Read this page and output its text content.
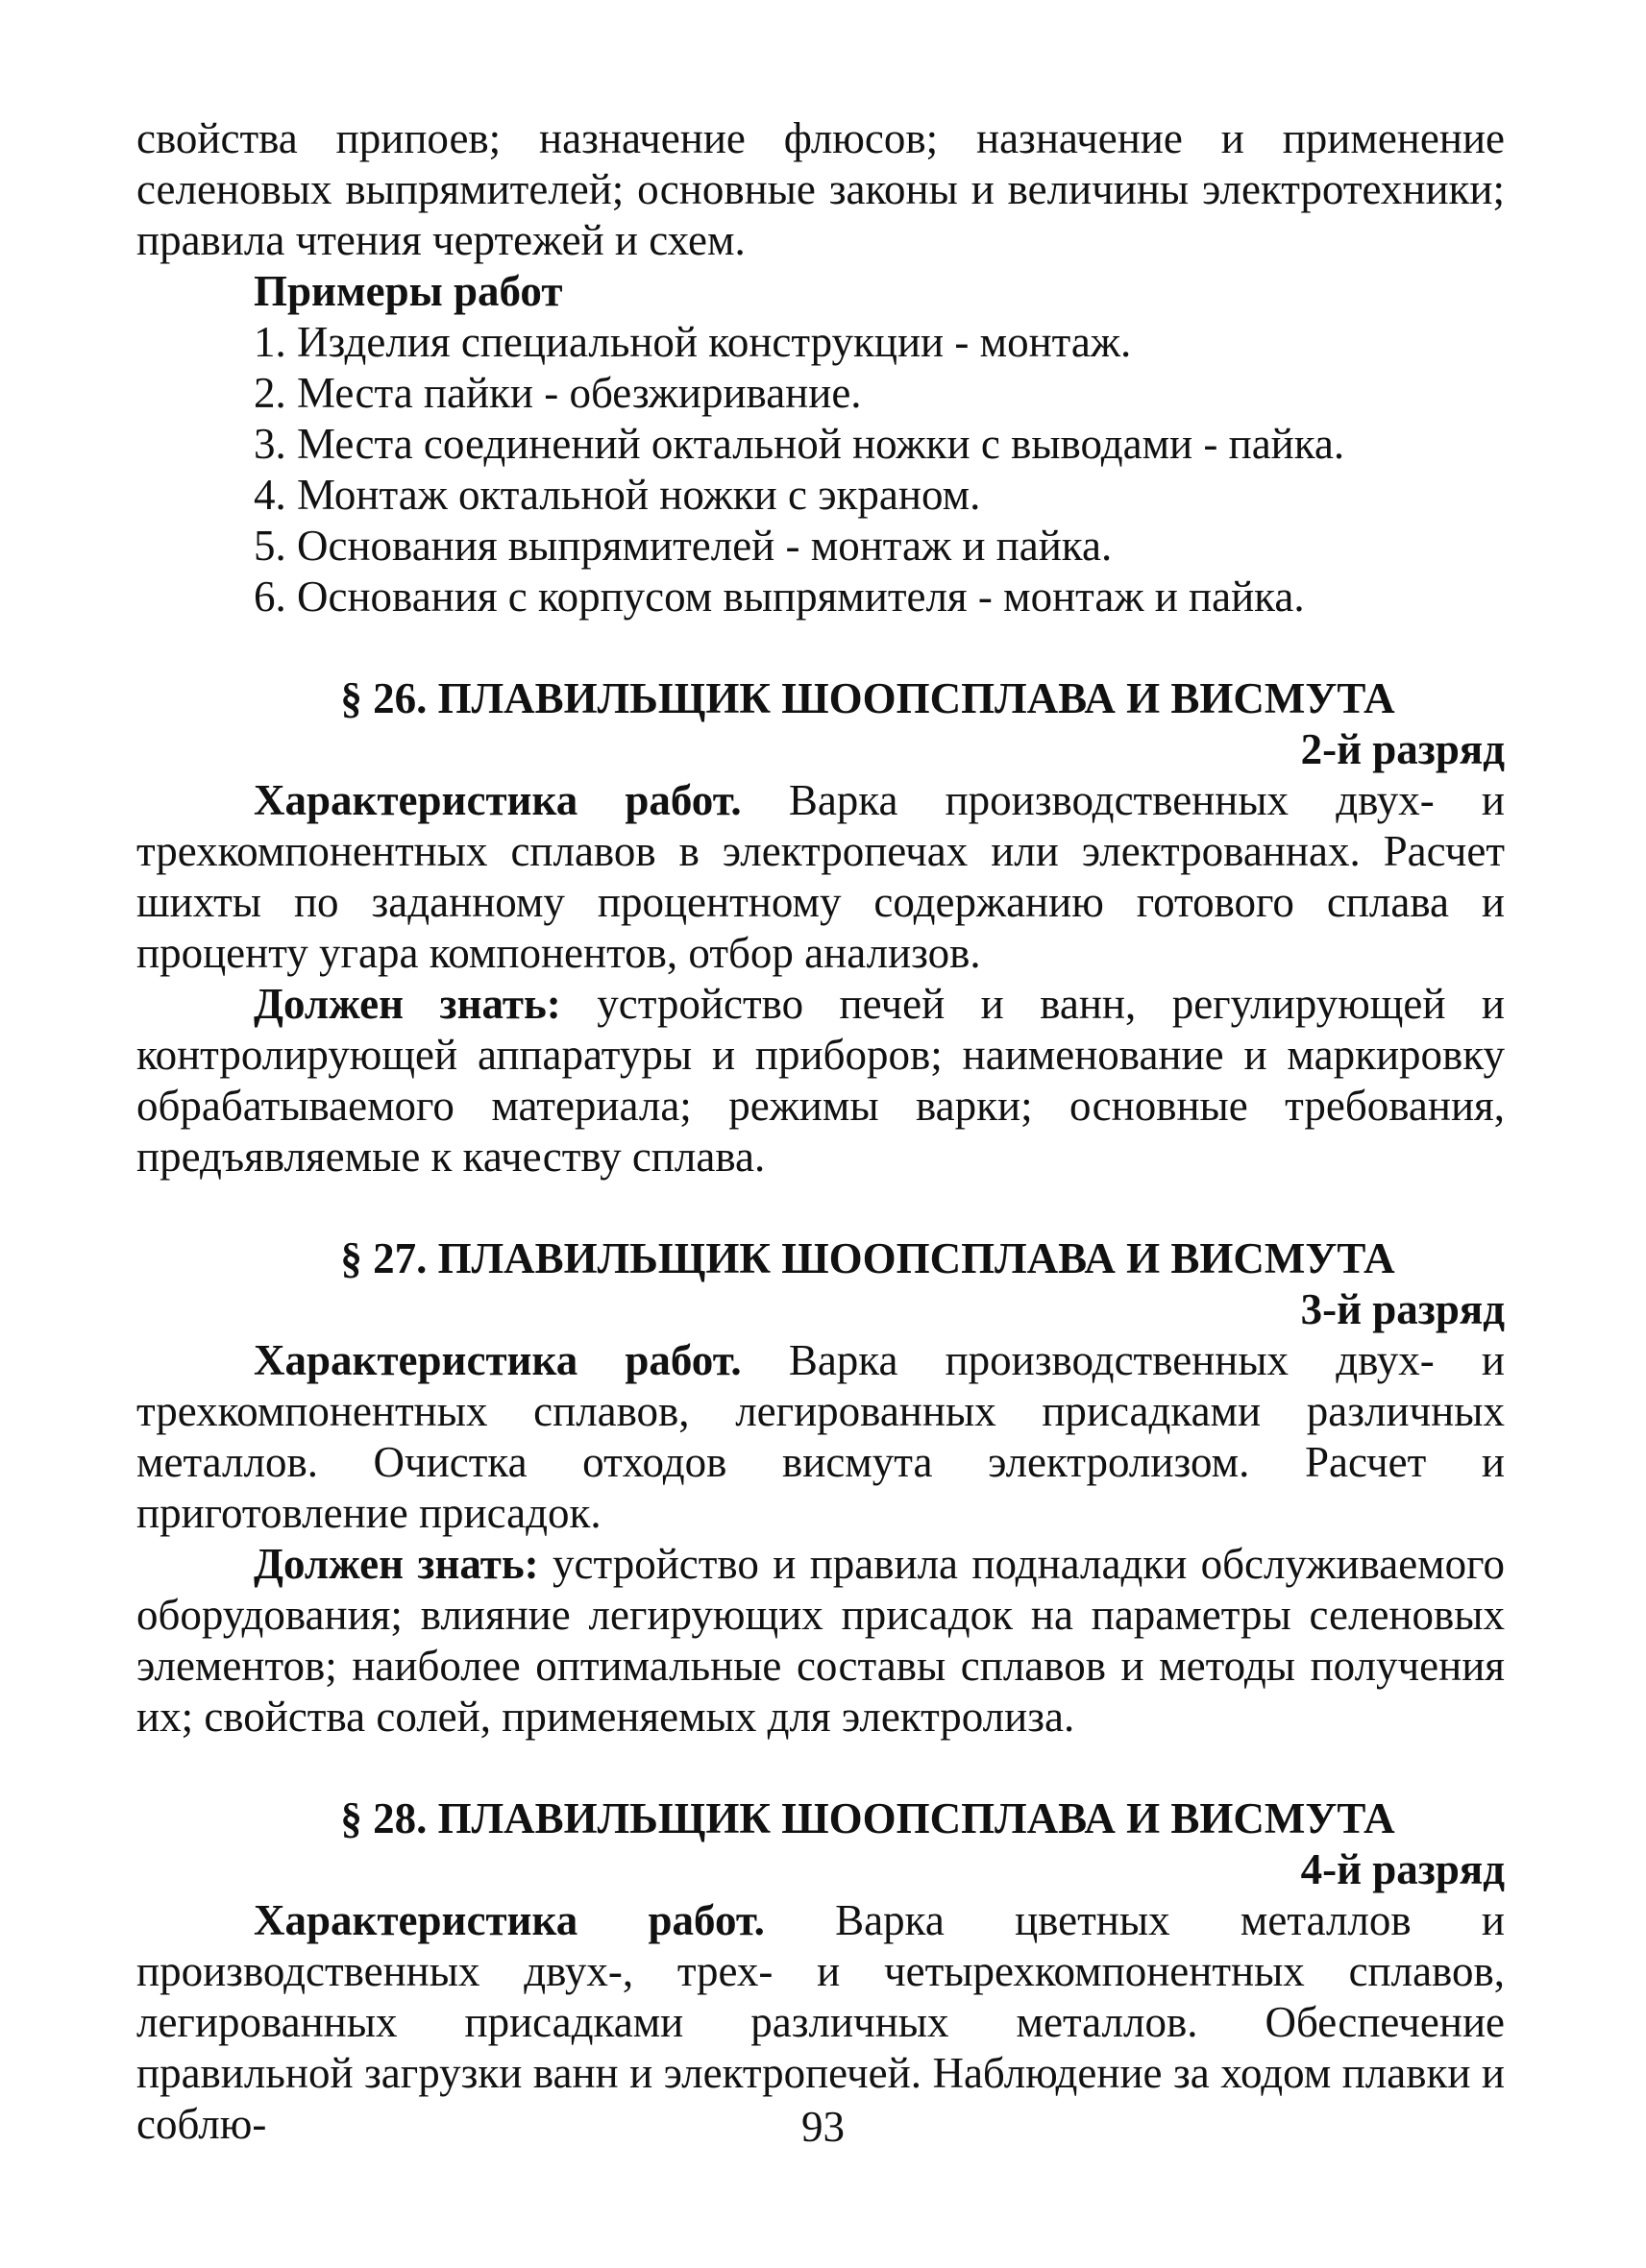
свойства припоев; назначение флюсов; назначение и применение селеновых выпрямителей; основные законы и величины электротехники; правила чтения чертежей и схем.

Примеры работ
1. Изделия специальной конструкции - монтаж.
2. Места пайки - обезжиривание.
3. Места соединений октальной ножки с выводами - пайка.
4. Монтаж октальной ножки с экраном.
5. Основания выпрямителей - монтаж и пайка.
6. Основания с корпусом выпрямителя - монтаж и пайка.
§ 26. ПЛАВИЛЬЩИК ШООПСПЛАВА И ВИСМУТА
2-й разряд

Характеристика работ. Варка производственных двух- и трехкомпонентных сплавов в электропечах или электрованнах. Расчет шихты по заданному процентному содержанию готового сплава и проценту угара компонентов, отбор анализов.

Должен знать: устройство печей и ванн, регулирующей и контролирующей аппаратуры и приборов; наименование и маркировку обрабатываемого материала; режимы варки; основные требования, предъявляемые к качеству сплава.

§ 27. ПЛАВИЛЬЩИК ШООПСПЛАВА И ВИСМУТА
3-й разряд

Характеристика работ. Варка производственных двух- и трехкомпонентных сплавов, легированных присадками различных металлов. Очистка отходов висмута электролизом. Расчет и приготовление присадок.

Должен знать: устройство и правила подналадки обслуживаемого оборудования; влияние легирующих присадок на параметры селеновых элементов; наиболее оптимальные составы сплавов и методы получения их; свойства солей, применяемых для электролиза.

§ 28. ПЛАВИЛЬЩИК ШООПСПЛАВА И ВИСМУТА
4-й разряд

Характеристика работ. Варка цветных металлов и производственных двух-, трех- и четырехкомпонентных сплавов, легированных присадками различных металлов. Обеспечение правильной загрузки ванн и электропечей. Наблюдение за ходом плавки и соблю-	93
